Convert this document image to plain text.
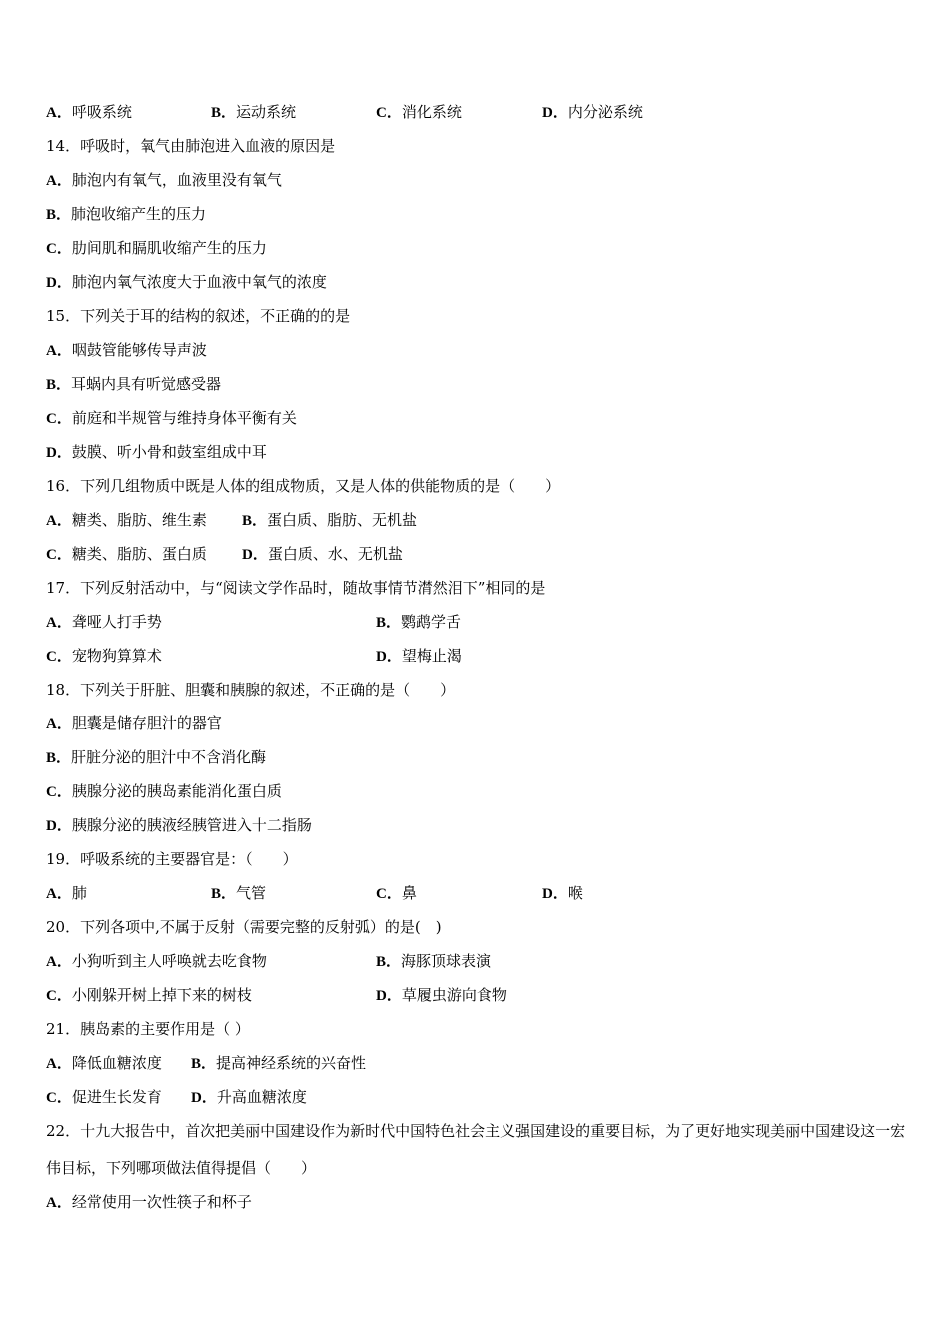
A．呼吸系统	B．运动系统	C．消化系统	D．内分泌系统
14．呼吸时，氧气由肺泡进入血液的原因是
A．肺泡内有氧气，血液里没有氧气
B．肺泡收缩产生的压力
C．肋间肌和膈肌收缩产生的压力
D．肺泡内氧气浓度大于血液中氧气的浓度
15．下列关于耳的结构的叙述，不正确的的是
A．咽鼓管能够传导声波
B．耳蜗内具有听觉感受器
C．前庭和半规管与维持身体平衡有关
D．鼓膜、听小骨和鼓室组成中耳
16．下列几组物质中既是人体的组成物质，又是人体的供能物质的是（　　）
A．糖类、脂肪、维生素 B．蛋白质、脂肪、无机盐
C．糖类、脂肪、蛋白质 D．蛋白质、水、无机盐
17．下列反射活动中，与“阅读文学作品时，随故事情节潸然泪下”相同的是
A．聋哑人打手势	B．鹦鹉学舌
C．宠物狗算算术	D．望梅止渴
18．下列关于肝脏、胆囊和胰腺的叙述，不正确的是（　　）
A．胆囊是储存胆汁的器官
B．肝脏分泌的胆汁中不含消化酶
C．胰腺分泌的胰岛素能消化蛋白质
D．胰腺分泌的胰液经胰管进入十二指肠
19．呼吸系统的主要器官是：（　　）
A．肺	B．气管	C．鼻	D．喉
20．下列各项中,不属于反射（需要完整的反射弧）的是(　)
A．小狗听到主人呼唤就去吃食物	B．海豚顶球表演
C．小刚躲开树上掉下来的树枝	D．草履虫游向食物
21．胰岛素的主要作用是（ ）
A．降低血糖浓度 B．提高神经系统的兴奋性
C．促进生长发育 D．升高血糖浓度
22．十九大报告中，首次把美丽中国建设作为新时代中国特色社会主义强国建设的重要目标，为了更好地实现美丽中国建设这一宏伟目标，下列哪项做法值得提倡（　　）
A．经常使用一次性筷子和杯子
